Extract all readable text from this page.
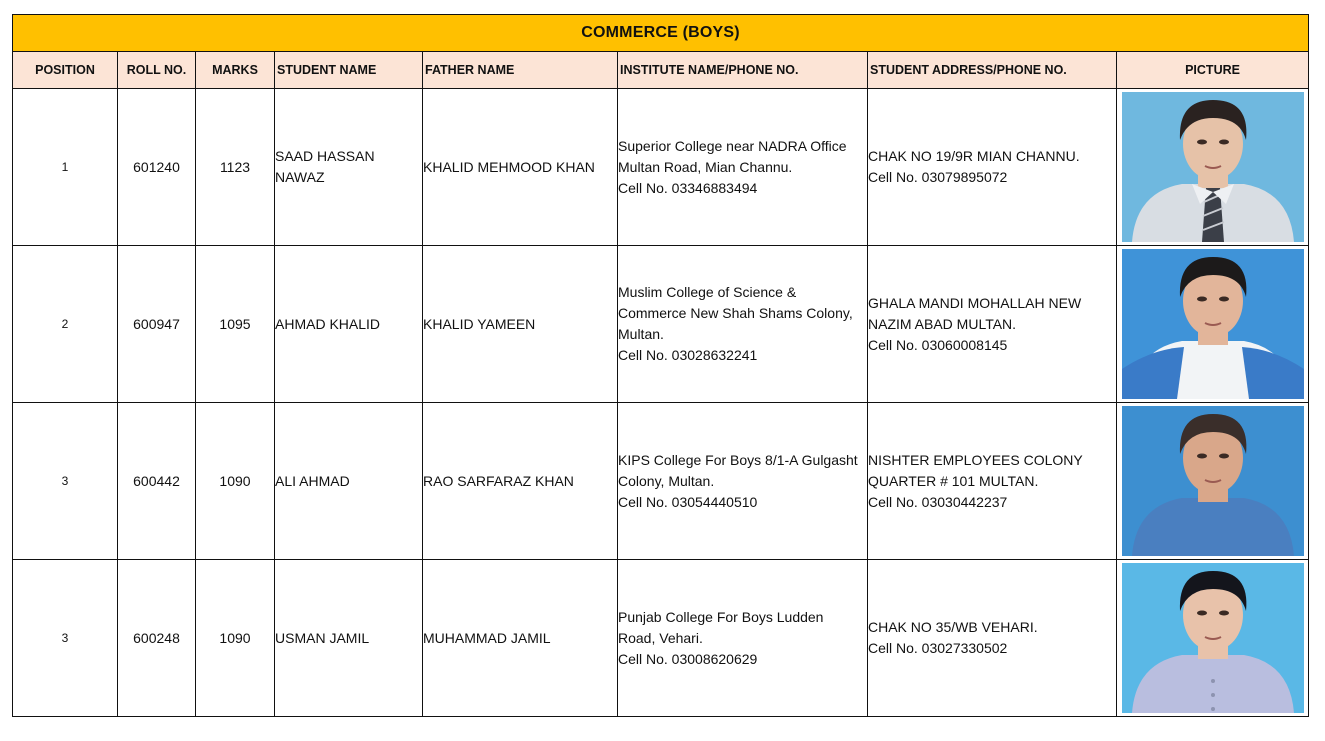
COMMERCE (BOYS)							
POSITION	ROLL NO.	MARKS	STUDENT NAME	FATHER NAME	INSTITUTE NAME/PHONE NO.	STUDENT ADDRESS/PHONE NO.	PICTURE
1	601240	1123	SAAD HASSAN
NAWAZ	KHALID MEHMOOD KHAN	Superior College near NADRA Office
Multan Road, Mian Channu.
Cell No. 03346883494	CHAK NO 19/9R MIAN CHANNU.
Cell No. 03079895072

2	600947	1095	AHMAD KHALID	KHALID YAMEEN	Muslim College of Science &
Commerce New Shah Shams Colony,
Multan.
Cell No. 03028632241	GHALA MANDI MOHALLAH NEW
NAZIM ABAD MULTAN.
Cell No. 03060008145

3	600442	1090	ALI AHMAD	RAO SARFARAZ KHAN	KIPS College For Boys 8/1-A Gulgasht
Colony, Multan.
Cell No. 03054440510	NISHTER EMPLOYEES COLONY
QUARTER # 101 MULTAN.
Cell No. 03030442237

3	600248	1090	USMAN JAMIL	MUHAMMAD JAMIL	Punjab College For Boys Ludden
Road, Vehari.
Cell No. 03008620629	CHAK NO 35/WB VEHARI.
Cell No. 03027330502
